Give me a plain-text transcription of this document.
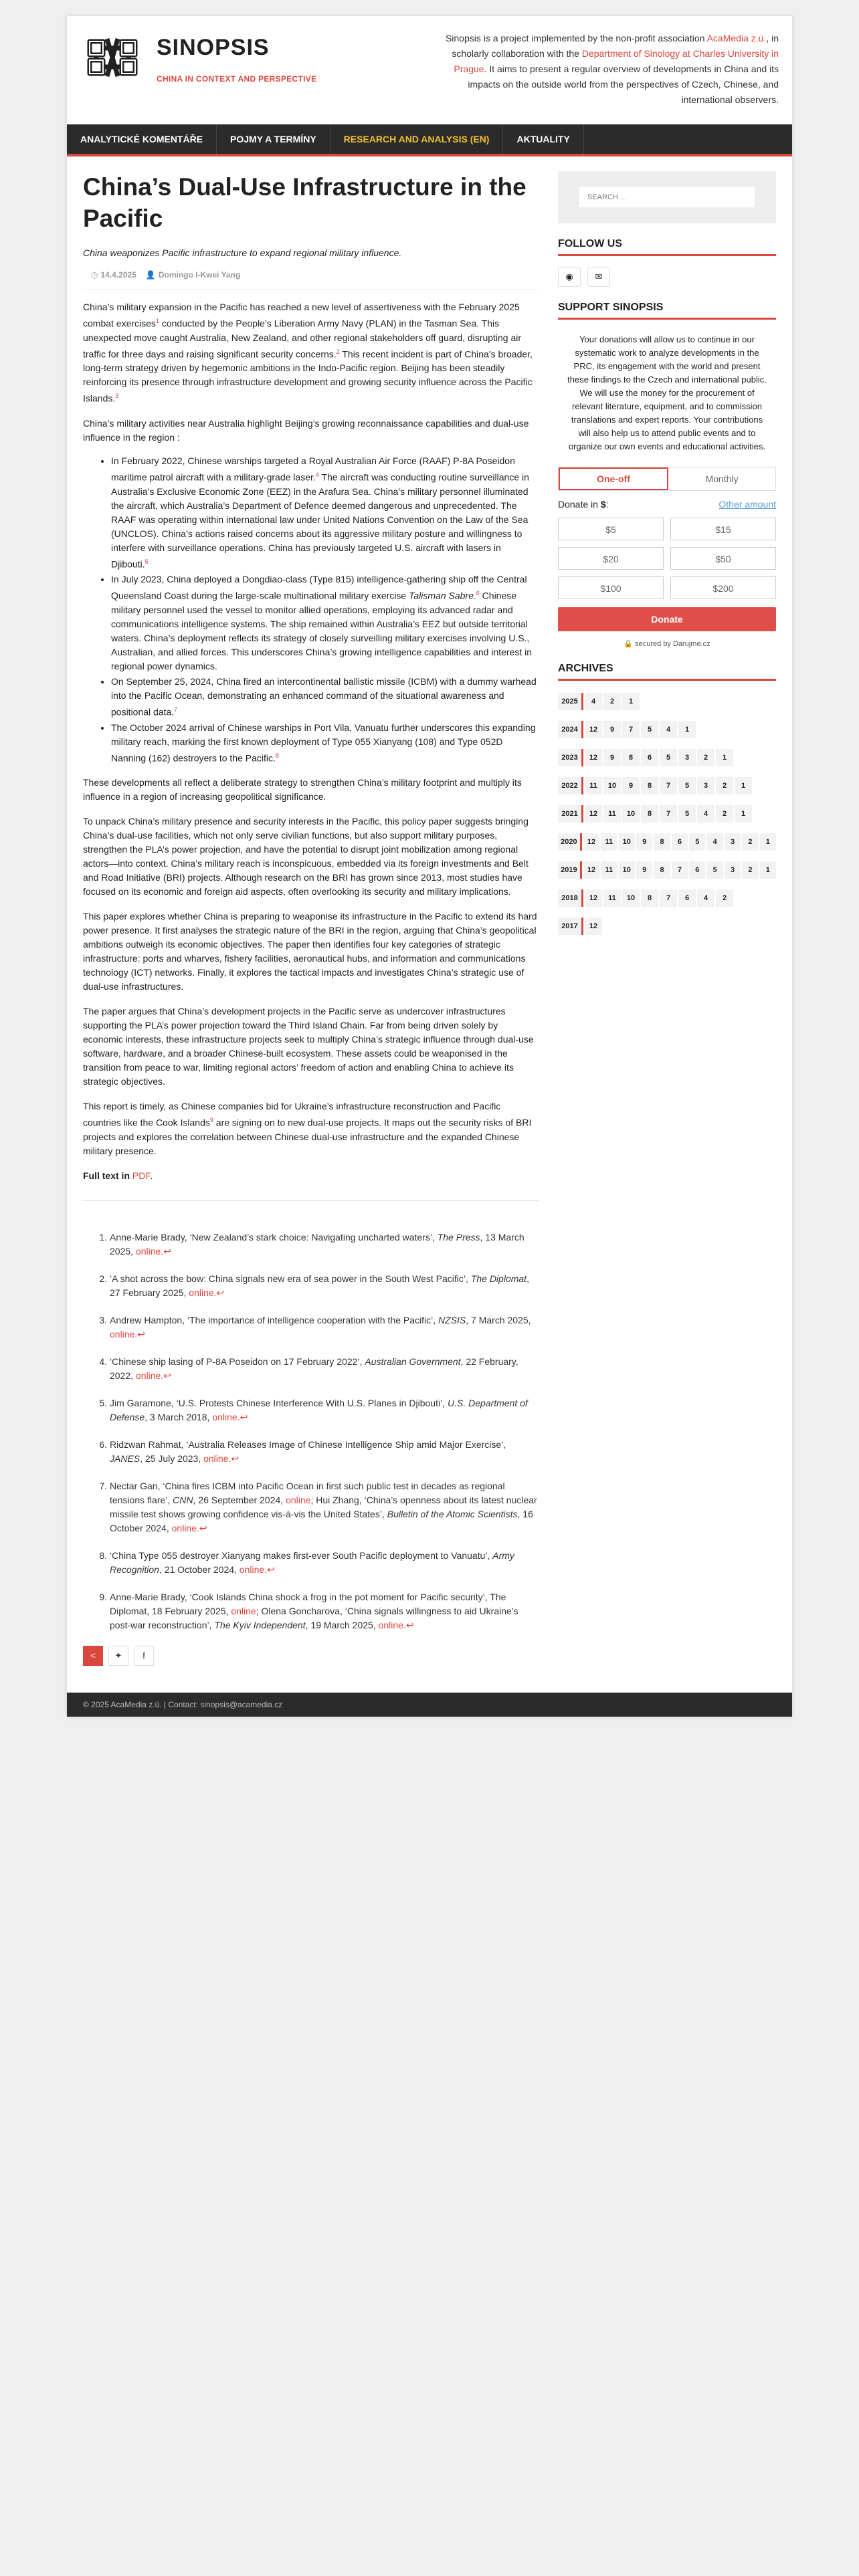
SINOPSIS
CHINA IN CONTEXT AND PERSPECTIVE
Sinopsis is a project implemented by the non-profit association AcaMedia z.ú., in scholarly collaboration with the Department of Sinology at Charles University in Prague. It aims to present a regular overview of developments in China and its impacts on the outside world from the perspectives of Czech, Chinese, and international observers.
ANALYTICKÉ KOMENTÁŘE	POJMY A TERMÍNY	RESEARCH AND ANALYSIS (EN)	AKTUALITY
China’s Dual-Use Infrastructure in the Pacific
China weaponizes Pacific infrastructure to expand regional military influence.
◷ 14.4.2025 👤 Domingo I-Kwei Yang

China’s military expansion in the Pacific has reached a new level of assertiveness with the February 2025 combat exercises$^1$ conducted by the People’s Liberation Army Navy (PLAN) in the Tasman Sea. This unexpected move caught Australia, New Zealand, and other regional stakeholders off guard, disrupting air traffic for three days and raising significant security concerns.$^2$ This recent incident is part of China’s broader, long-term strategy driven by hegemonic ambitions in the Indo-Pacific region. Beijing has been steadily reinforcing its presence through infrastructure development and growing security influence across the Pacific Islands.$^3$

China’s military activities near Australia highlight Beijing’s growing reconnaissance capabilities and dual-use influence in the region :

• In February 2022, Chinese warships targeted a Royal Australian Air Force (RAAF) P-8A Poseidon maritime patrol aircraft with a military-grade laser.$^4$ The aircraft was conducting routine surveillance in Australia’s Exclusive Economic Zone (EEZ) in the Arafura Sea. China’s military personnel illuminated the aircraft, which Australia’s Department of Defence deemed dangerous and unprecedented. The RAAF was operating within international law under United Nations Convention on the Law of the Sea (UNCLOS). China’s actions raised concerns about its aggressive military posture and willingness to interfere with surveillance operations. China has previously targeted U.S. aircraft with lasers in Djibouti.$^5$
• In July 2023, China deployed a Dongdiao-class (Type 815) intelligence-gathering ship off the Central Queensland Coast during the large-scale multinational military exercise Talisman Sabre.$^6$ Chinese military personnel used the vessel to monitor allied operations, employing its advanced radar and communications intelligence systems. The ship remained within Australia’s EEZ but outside territorial waters. China’s deployment reflects its strategy of closely surveilling military exercises involving U.S., Australian, and allied forces. This underscores China’s growing intelligence capabilities and interest in regional power dynamics.
• On September 25, 2024, China fired an intercontinental ballistic missile (ICBM) with a dummy warhead into the Pacific Ocean, demonstrating an enhanced command of the situational awareness and positional data.$^7$
• The October 2024 arrival of Chinese warships in Port Vila, Vanuatu further underscores this expanding military reach, marking the first known deployment of Type 055 Xianyang (108) and Type 052D Nanning (162) destroyers to the Pacific.$^8$

These developments all reflect a deliberate strategy to strengthen China’s military footprint and multiply its influence in a region of increasing geopolitical significance.

To unpack China’s military presence and security interests in the Pacific, this policy paper suggests bringing China’s dual-use facilities, which not only serve civilian functions, but also support military purposes, strengthen the PLA’s power projection, and have the potential to disrupt joint mobilization among regional actors—into context. China’s military reach is inconspicuous, embedded via its foreign investments and Belt and Road Initiative (BRI) projects. Although research on the BRI has grown since 2013, most studies have focused on its economic and foreign aid aspects, often overlooking its security and military implications.

This paper explores whether China is preparing to weaponise its infrastructure in the Pacific to extend its hard power presence. It first analyses the strategic nature of the BRI in the region, arguing that China’s geopolitical ambitions outweigh its economic objectives. The paper then identifies four key categories of strategic infrastructure: ports and wharves, fishery facilities, aeronautical hubs, and information and communications technology (ICT) networks. Finally, it explores the tactical impacts and investigates China’s strategic use of dual-use infrastructures.

The paper argues that China’s development projects in the Pacific serve as undercover infrastructures supporting the PLA’s power projection toward the Third Island Chain. Far from being driven solely by economic interests, these infrastructure projects seek to multiply China’s strategic influence through dual-use software, hardware, and a broader Chinese-built ecosystem. These assets could be weaponised in the transition from peace to war, limiting regional actors’ freedom of action and enabling China to achieve its strategic objectives.

This report is timely, as Chinese companies bid for Ukraine’s infrastructure reconstruction and Pacific countries like the Cook Islands$^9$ are signing on to new dual-use projects. It maps out the security risks of BRI projects and explores the correlation between Chinese dual-use infrastructure and the expanded Chinese military presence.

Full text in PDF.

1. Anne-Marie Brady, ‘New Zealand’s stark choice: Navigating uncharted waters’, The Press, 13 March 2025, online.↩
2. ‘A shot across the bow: China signals new era of sea power in the South West Pacific’, The Diplomat, 27 February 2025, online.↩
3. Andrew Hampton, ‘The importance of intelligence cooperation with the Pacific’, NZSIS, 7 March 2025, online.↩
4. ‘Chinese ship lasing of P-8A Poseidon on 17 February 2022’, Australian Government, 22 February, 2022, online.↩
5. Jim Garamone, ‘U.S. Protests Chinese Interference With U.S. Planes in Djibouti’, U.S. Department of Defense, 3 March 2018, online.↩
6. Ridzwan Rahmat, ‘Australia Releases Image of Chinese Intelligence Ship amid Major Exercise’, JANES, 25 July 2023, online.↩
7. Nectar Gan, ‘China fires ICBM into Pacific Ocean in first such public test in decades as regional tensions flare’, CNN, 26 September 2024, online; Hui Zhang, ‘China’s openness about its latest nuclear missile test shows growing confidence vis-à-vis the United States’, Bulletin of the Atomic Scientists, 16 October 2024, online.↩
8. ‘China Type 055 destroyer Xianyang makes first-ever South Pacific deployment to Vanuatu’, Army Recognition, 21 October 2024, online.↩
9. Anne-Marie Brady, ‘Cook Islands China shock a frog in the pot moment for Pacific security’, The Diplomat, 18 February 2025, online; Olena Goncharova, ‘China signals willingness to aid Ukraine’s post-war reconstruction’, The Kyiv Independent, 19 March 2025, online.↩
<	✦	f
SEARCH ...
FOLLOW US
◉	✉
SUPPORT SINOPSIS
Your donations will allow us to continue in our systematic work to analyze developments in the PRC, its engagement with the world and present these findings to the Czech and international public. We will use the money for the procurement of relevant literature, equipment, and to commission translations and expert reports. Your contributions will also help us to attend public events and to organize our own events and educational activities.
One-off	Monthly
Donate in $:	Other amount
$5	$15
$20	$50
$100	$200
Donate
🔒 secured by Darujme.cz
ARCHIVES
2025	4	2	1
2024	12	9	7	5	4	1
2023	12	9	8	6	5	3	2	1
2022	11	10	9	8	7	5	3	2	1
2021	12	11	10	8	7	5	4	2	1
2020	12	11	10	9	8	6	5	4	3	2	1
2019	12	11	10	9	8	7	6	5	3	2	1
2018	12	11	10	8	7	6	4	2
2017	12
© 2025 AcaMedia z.ú. | Contact: sinopsis@acamedia.cz
